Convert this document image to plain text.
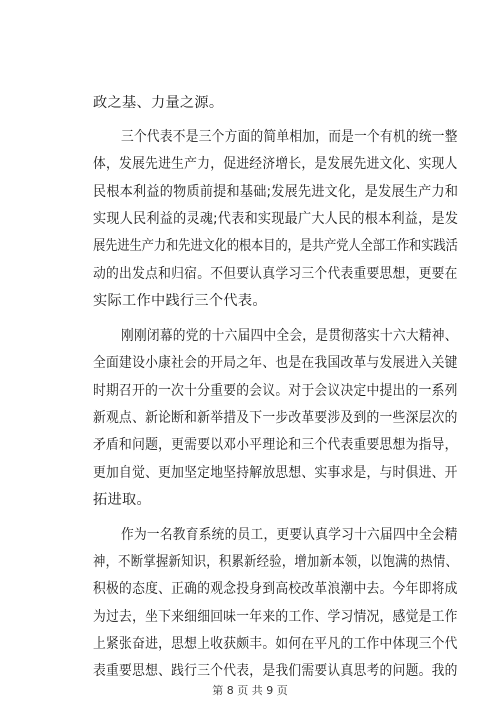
政之基、力量之源。
三个代表不是三个方面的简单相加，而是一个有机的统一整
体，发展先进生产力，促进经济增长，是发展先进文化、实现人
民根本利益的物质前提和基础;发展先进文化，是发展生产力和
实现人民利益的灵魂;代表和实现最广大人民的根本利益，是发
展先进生产力和先进文化的根本目的，是共产党人全部工作和实践活
动的出发点和归宿。不但要认真学习三个代表重要思想，更要在
实际工作中践行三个代表。
刚刚闭幕的党的十六届四中全会，是贯彻落实十六大精神、
全面建设小康社会的开局之年、也是在我国改革与发展进入关键
时期召开的一次十分重要的会议。对于会议决定中提出的一系列
新观点、新论断和新举措及下一步改革要涉及到的一些深层次的
矛盾和问题，更需要以邓小平理论和三个代表重要思想为指导，
更加自觉、更加坚定地坚持解放思想、实事求是，与时俱进、开
拓进取。
作为一名教育系统的员工，更要认真学习十六届四中全会精
神，不断掌握新知识，积累新经验，增加新本领，以饱满的热情、
积极的态度、正确的观念投身到高校改革浪潮中去。今年即将成
为过去，坐下来细细回味一年来的工作、学习情况，感觉是工作
上紧张奋进，思想上收获颇丰。如何在平凡的工作中体现三个代
表重要思想、践行三个代表，是我们需要认真思考的问题。我的
第 8 页 共 9 页
